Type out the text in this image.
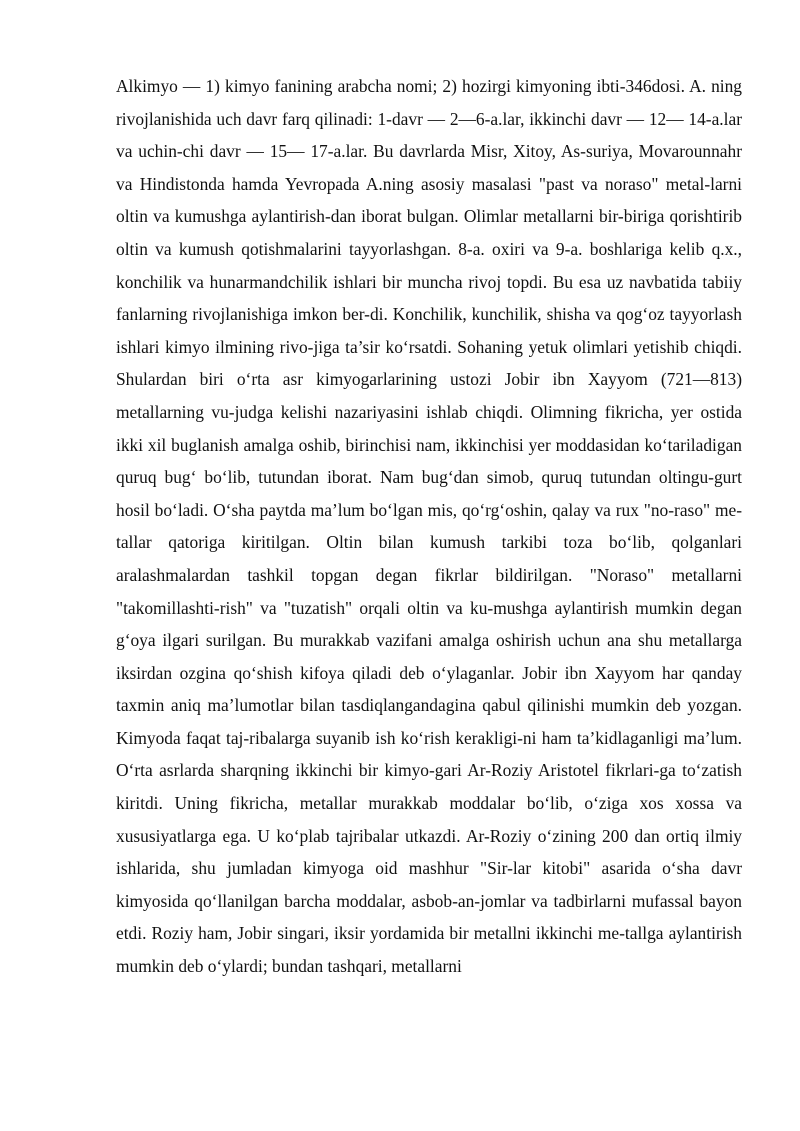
Alkimyo — 1) kimyo fanining arabcha nomi; 2) hozirgi kimyoning ibti-346dosi. A. ning rivojlanishida uch davr farq qilinadi: 1-davr — 2—6-a.lar, ikkinchi davr — 12— 14-a.lar va uchin-chi davr — 15— 17-a.lar. Bu davrlarda Misr, Xitoy, As-suriya, Movarounnahr va Hindistonda hamda Yevropada A.ning asosiy masalasi "past va noraso" metal-larni oltin va kumushga aylantirish-dan iborat bulgan. Olimlar metallarni bir-biriga qorishtirib oltin va kumush qotishmalarini tayyorlashgan. 8-a. oxiri va 9-a. boshlariga kelib q.x., konchilik va hunarmandchilik ishlari bir muncha rivoj topdi. Bu esa uz navbatida tabiiy fanlarning rivojlanishiga imkon ber-di. Konchilik, kunchilik, shisha va qog‘oz tayyorlash ishlari kimyo ilmining rivo-jiga ta’sir ko‘rsatdi. Sohaning yetuk olimlari yetishib chiqdi. Shulardan biri o‘rta asr kimyogarlarining ustozi Jobir ibn Xayyom (721—813) metallarning vu-judga kelishi nazariyasini ishlab chiqdi. Olimning fikricha, yer ostida ikki xil buglanish amalga oshib, birinchisi nam, ikkinchisi yer moddasidan ko‘tariladigan quruq bug‘ bo‘lib, tutundan iborat. Nam bug‘dan simob, quruq tutundan oltingu-gurt hosil bo‘ladi. O‘sha paytda ma’lum bo‘lgan mis, qo‘rg‘oshin, qalay va rux "no-raso" me-tallar qatoriga kiritilgan. Oltin bilan kumush tarkibi toza bo‘lib, qolganlari aralashmalardan tashkil topgan degan fikrlar bildirilgan. "Noraso" metallarni "takomillashti-rish" va "tuzatish" orqali oltin va ku-mushga aylantirish mumkin degan g‘oya ilgari surilgan. Bu murakkab vazifani amalga oshirish uchun ana shu metallarga iksirdan ozgina qo‘shish kifoya qiladi deb o‘ylaganlar. Jobir ibn Xayyom har qanday taxmin aniq ma’lumotlar bilan tasdiqlangandagina qabul qilinishi mumkin deb yozgan. Kimyoda faqat taj-ribalarga suyanib ish ko‘rish kerakligi-ni ham ta’kidlaganligi ma’lum. O‘rta asrlarda sharqning ikkinchi bir kimyo-gari Ar-Roziy Aristotel fikrlari-ga to‘zatish kiritdi. Uning fikricha, metallar murakkab moddalar bo‘lib, o‘ziga xos xossa va xususiyatlarga ega. U ko‘plab tajribalar utkazdi. Ar-Roziy o‘zining 200 dan ortiq ilmiy ishlarida, shu jumladan kimyoga oid mashhur "Sir-lar kitobi" asarida o‘sha davr kimyosida qo‘llanilgan barcha moddalar, asbob-an-jomlar va tadbirlarni mufassal bayon etdi. Roziy ham, Jobir singari, iksir yordamida bir metallni ikkinchi me-tallga aylantirish mumkin deb o‘ylardi; bundan tashqari, metallarni
